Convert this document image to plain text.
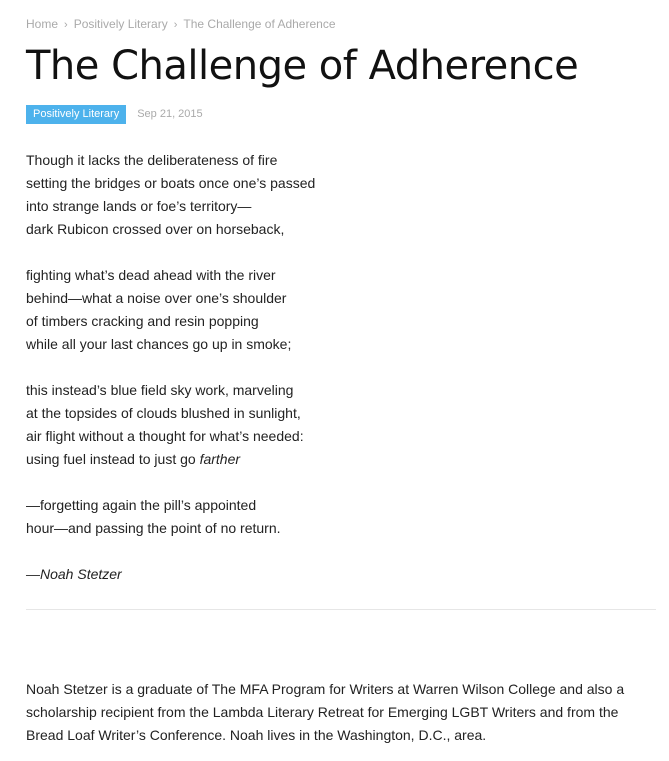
Home › Positively Literary › The Challenge of Adherence
The Challenge of Adherence
Positively Literary	Sep 21, 2015
Though it lacks the deliberateness of fire
setting the bridges or boats once one’s passed
into strange lands or foe’s territory—
dark Rubicon crossed over on horseback,
fighting what’s dead ahead with the river
behind—what a noise over one’s shoulder
of timbers cracking and resin popping
while all your last chances go up in smoke;
this instead’s blue field sky work, marveling
at the topsides of clouds blushed in sunlight,
air flight without a thought for what’s needed:
using fuel instead to just go farther
—forgetting again the pill’s appointed
hour—and passing the point of no return.
—Noah Stetzer

Noah Stetzer is a graduate of The MFA Program for Writers at Warren Wilson College and also a scholarship recipient from the Lambda Literary Retreat for Emerging LGBT Writers and from the Bread Loaf Writer’s Conference. Noah lives in the Washington, D.C., area.
